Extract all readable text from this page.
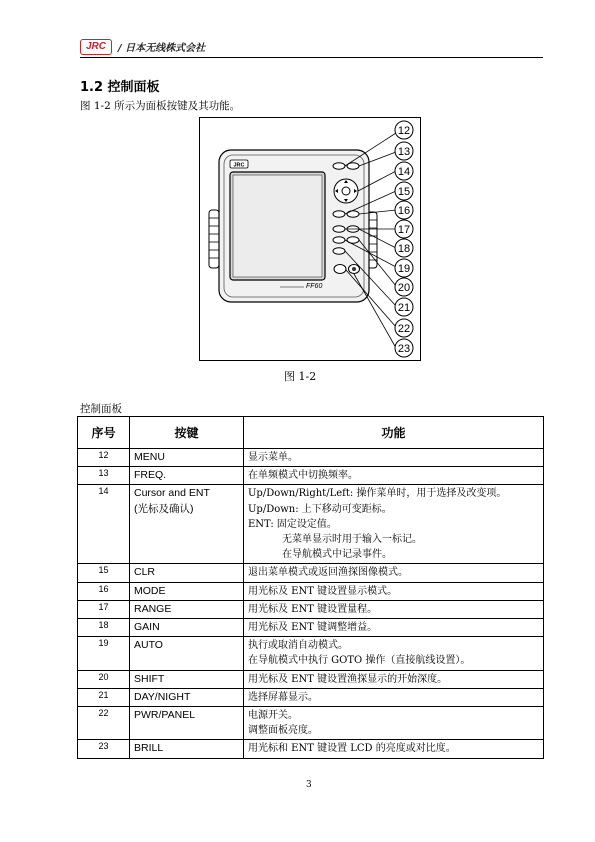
JRC	/ 日本无线株式会社
1.2 控制面板
图 1-2 所示为面板按键及其功能。
JRC
FF60
12
13
14
15
16
17
18
19
20
21
22
23
图 1-2
控制面板
序号	按键	功能
12	MENU	显示菜单。

13	FREQ.	在单频模式中切换频率。

14	Cursor and ENT
(光标及确认)	Up/Down/Right/Left: 操作菜单时，用于选择及改变项。
Up/Down: 上下移动可变距标。
ENT: 固定设定值。
无菜单显示时用于输入一标记。
在导航模式中记录事件。

15	CLR	退出菜单模式或返回渔探图像模式。

16	MODE	用光标及 ENT 键设置显示模式。

17	RANGE	用光标及 ENT 键设置量程。

18	GAIN	用光标及 ENT 键调整增益。

19	AUTO	执行或取消自动模式。
在导航模式中执行 GOTO 操作（直接航线设置）。

20	SHIFT	用光标及 ENT 键设置渔探显示的开始深度。

21	DAY/NIGHT	选择屏幕显示。

22	PWR/PANEL	电源开关。
调整面板亮度。

23	BRILL	用光标和 ENT 键设置 LCD 的亮度或对比度。
3
